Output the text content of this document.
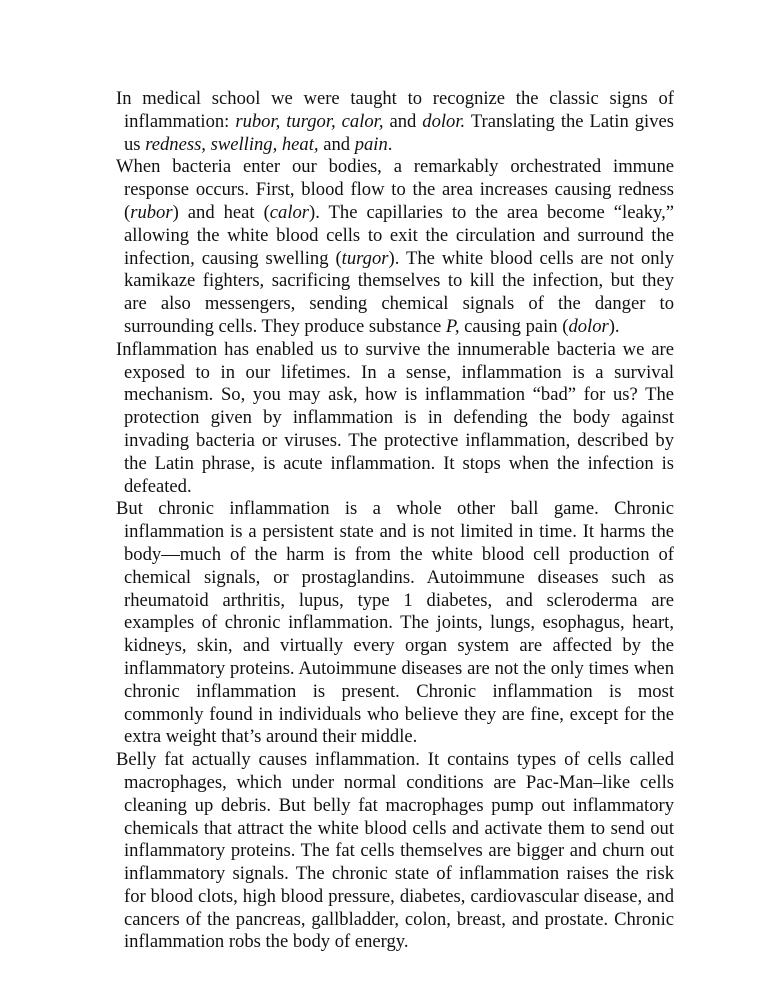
In medical school we were taught to recognize the classic signs of inflammation: rubor, turgor, calor, and dolor. Translating the Latin gives us redness, swelling, heat, and pain.

When bacteria enter our bodies, a remarkably orchestrated immune response occurs. First, blood flow to the area increases causing redness (rubor) and heat (calor). The capillaries to the area become “leaky,” allowing the white blood cells to exit the circulation and surround the infection, causing swelling (turgor). The white blood cells are not only kamikaze fighters, sacrificing themselves to kill the infection, but they are also messengers, sending chemical signals of the danger to surrounding cells. They produce substance P, causing pain (dolor).

Inflammation has enabled us to survive the innumerable bacteria we are exposed to in our lifetimes. In a sense, inflammation is a survival mechanism. So, you may ask, how is inflammation “bad” for us? The protection given by inflammation is in defending the body against invading bacteria or viruses. The protective inflammation, described by the Latin phrase, is acute inflammation. It stops when the infection is defeated.

But chronic inflammation is a whole other ball game. Chronic inflammation is a persistent state and is not limited in time. It harms the body—much of the harm is from the white blood cell production of chemical signals, or prostaglandins. Autoimmune diseases such as rheumatoid arthritis, lupus, type 1 diabetes, and scleroderma are examples of chronic inflammation. The joints, lungs, esophagus, heart, kidneys, skin, and virtually every organ system are affected by the inflammatory proteins. Autoimmune diseases are not the only times when chronic inflammation is present. Chronic inflammation is most commonly found in individuals who believe they are fine, except for the extra weight that’s around their middle.

Belly fat actually causes inflammation. It contains types of cells called macrophages, which under normal conditions are Pac-Man–like cells cleaning up debris. But belly fat macrophages pump out inflammatory chemicals that attract the white blood cells and activate them to send out inflammatory proteins. The fat cells themselves are bigger and churn out inflammatory signals. The chronic state of inflammation raises the risk for blood clots, high blood pressure, diabetes, cardiovascular disease, and cancers of the pancreas, gallbladder, colon, breast, and prostate. Chronic inflammation robs the body of energy.
